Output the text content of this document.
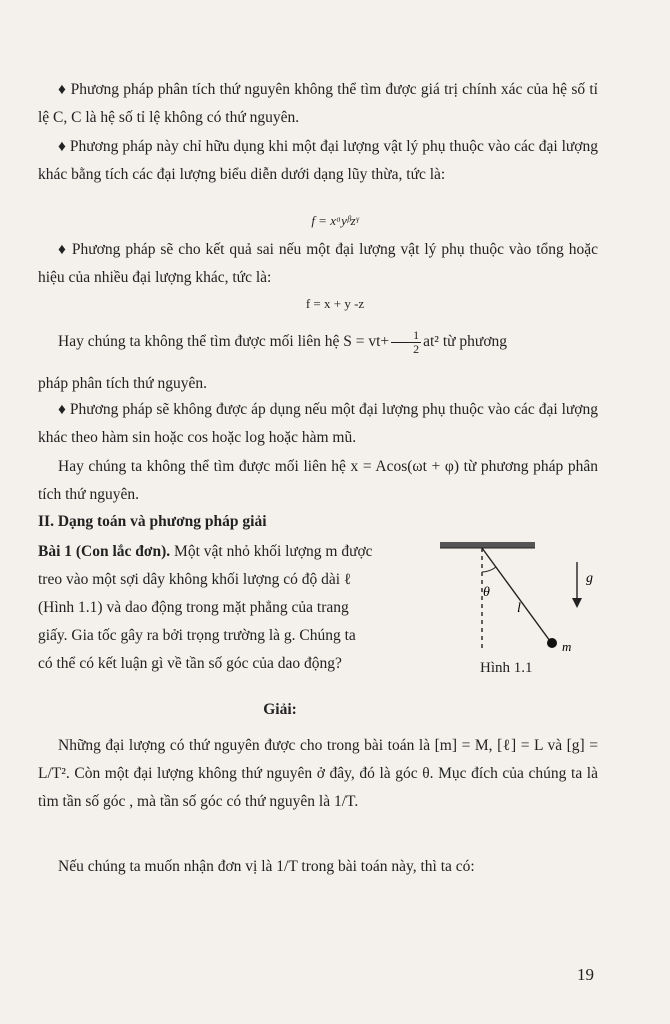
♦ Phương pháp phân tích thứ nguyên không thể tìm được giá trị chính xác của hệ số tỉ lệ C, C là hệ số tỉ lệ không có thứ nguyên.

♦ Phương pháp này chỉ hữu dụng khi một đại lượng vật lý phụ thuộc vào các đại lượng khác bằng tích các đại lượng biểu diễn dưới dạng lũy thừa, tức là:

f = xᵅyᵝzᵞ

♦ Phương pháp sẽ cho kết quả sai nếu một đại lượng vật lý phụ thuộc vào tổng hoặc hiệu của nhiều đại lượng khác, tức là:

f = x + y -z
Hay chúng ta không thể tìm được mối liên hệ $S = vt+ \frac{1}{2} at^2$ từ phương

pháp phân tích thứ nguyên.

♦ Phương pháp sẽ không được áp dụng nếu một đại lượng phụ thuộc vào các đại lượng khác theo hàm sin hoặc cos hoặc log hoặc hàm mũ.

Hay chúng ta không thể tìm được mối liên hệ x = Acos(ωt + φ) từ phương pháp phân tích thứ nguyên.

II. Dạng toán và phương pháp giải

Bài 1 (Con lắc đơn). Một vật nhỏ khối lượng m được
treo vào một sợi dây không khối lượng có độ dài ℓ
(Hình 1.1) và dao động trong mặt phẳng của trang
giấy. Gia tốc gây ra bởi trọng trường là g. Chúng ta
có thể có kết luận gì về tần số góc của dao động?
θ
l
m
g
Hình 1.1
Giải:

Những đại lượng có thứ nguyên được cho trong bài toán là [m] = M, [ℓ] = L và [g] = L/T². Còn một đại lượng không thứ nguyên ở đây, đó là góc θ. Mục đích của chúng ta là tìm tần số góc , mà tần số góc có thứ nguyên là 1/T.

Nếu chúng ta muốn nhận đơn vị là 1/T trong bài toán này, thì ta có:

19
